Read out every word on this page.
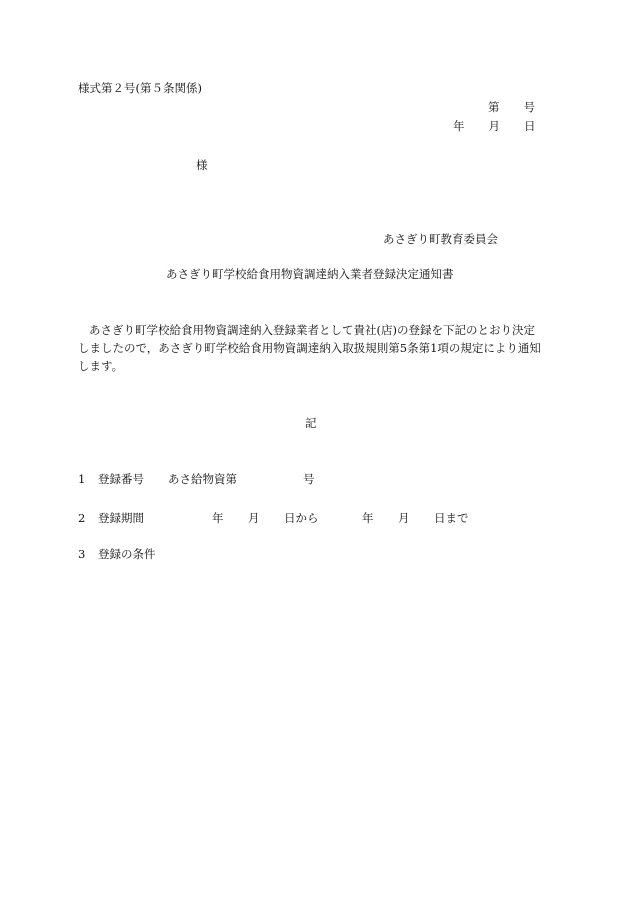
様式第２号(第５条関係)
第 号
年 月 日
様
あさぎり町教育委員会
あさぎり町学校給食用物資調達納入業者登録決定通知書

あさぎり町学校給食用物資調達納入登録業者として貴社(店)の登録を下記のとおり決定

しましたので，あさぎり町学校給食用物資調達納入取扱規則第5条第1項の規定により通知

します。

記
1 登録番号 あさ給物資第	号
2 登録期間	年 月 日から	年 月 日まで
3 登録の条件
